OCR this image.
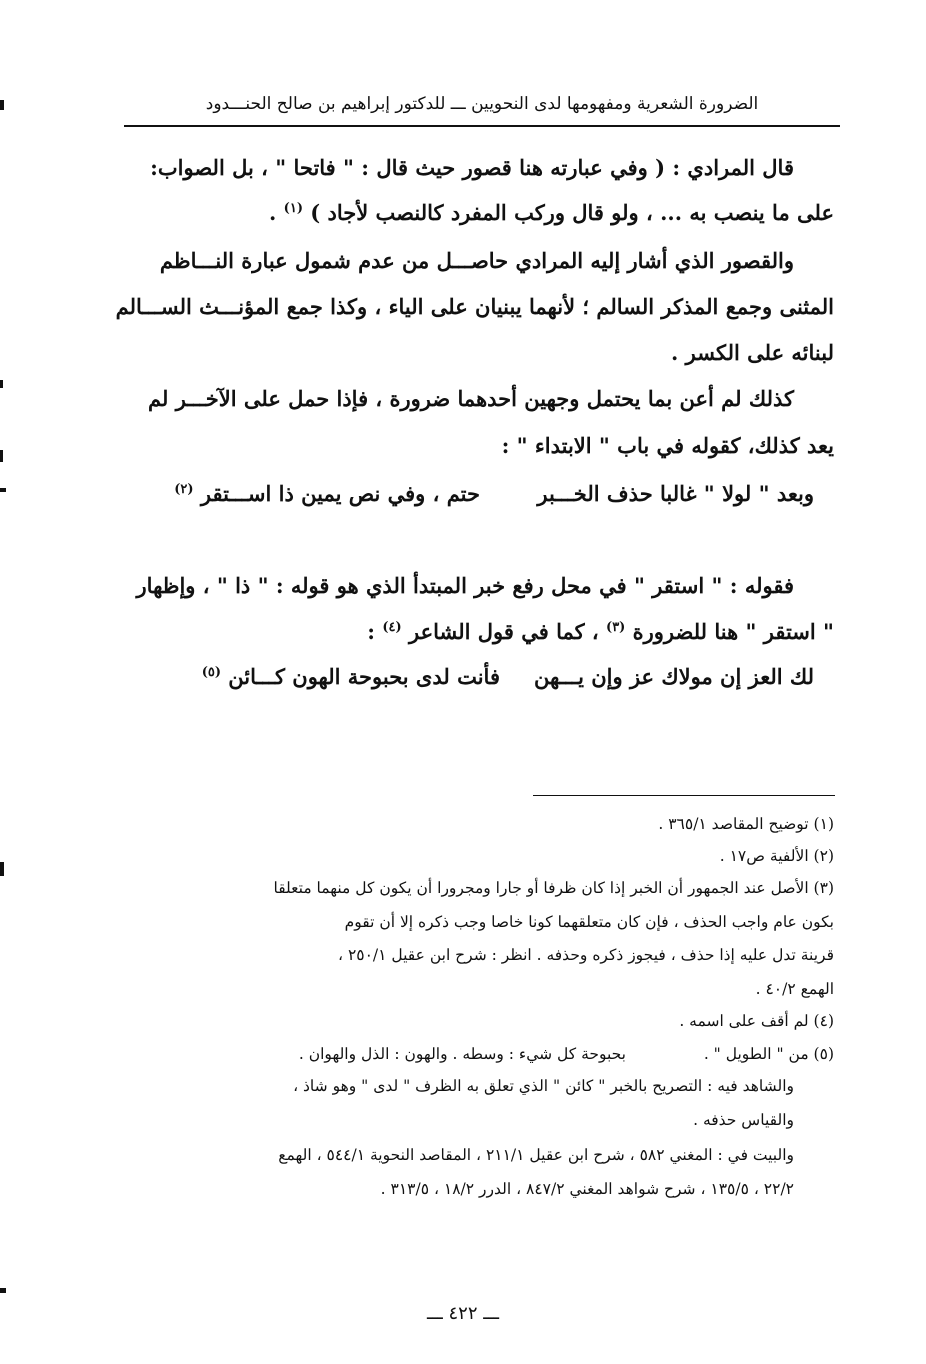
الضرورة الشعرية ومفهومها لدى النحويين ـــ للدكتور إبراهيم بن صالح الحنـــدود
قال المرادي : ( وفي عبارته هنا قصور حيث قال : " فاتحا " ، بل الصواب:
على ما ينصب به ... ، ولو قال وركب المفرد كالنصب لأجاد ) $^{(١)}$ .
والقصور الذي أشار إليه المرادي حاصـــل من عدم شمول عبارة النـــاظم
المثنى وجمع المذكر السالم ؛ لأنهما يبنيان على الياء ، وكذا جمع المؤنـــث الســـالم
لبنائه على الكسر .
كذلك لم أعن بما يحتمل وجهين أحدهما ضرورة ، فإذا حمل على الآخـــر لم
يعد كذلك، كقوله في باب " الابتداء " :
وبعد " لولا " غالبا حذف الخـــبر
حتم ، وفي نص يمين ذا اســـتقر $^{(٢)}$
فقوله : " استقر " في محل رفع خبر المبتدأ الذي هو قوله : " ذا " ، وإظهار
" استقر " هنا للضرورة $^{(٣)}$ ، كما في قول الشاعر $^{(٤)}$ :
لك العز إن مولاك عز وإن يـــهن
فأنت لدى بحبوحة الهون كـــائن $^{(٥)}$
(١) توضيح المقاصد ٣٦٥/١ .
(٢) الألفية ص١٧ .
(٣) الأصل عند الجمهور أن الخبر إذا كان ظرفا أو جارا ومجرورا أن يكون كل منهما متعلقا
بكون عام واجب الحذف ، فإن كان متعلقهما كونا خاصا وجب ذكره إلا أن تقوم
قرينة تدل عليه إذا حذف ، فيجوز ذكره وحذفه . انظر : شرح ابن عقيل ٢٥٠/١ ،
الهمع ٤٠/٢ .
(٤) لم أقف على اسمه .
(٥) من " الطويل " .
بحبوحة كل شيء : وسطه . والهون : الذل والهوان .
والشاهد فيه : التصريح بالخبر " كائن " الذي تعلق به الظرف " لدى " وهو شاذ ،
والقياس حذفه .
والبيت في : المغني ٥٨٢ ، شرح ابن عقيل ٢١١/١ ، المقاصد النحوية ٥٤٤/١ ، الهمع
٢٢/٢ ، ١٣٥/٥ ، شرح شواهد المغني ٨٤٧/٢ ، الدرر ١٨/٢ ، ٣١٣/٥ .
ـــ ٤٢٢ ـــ
